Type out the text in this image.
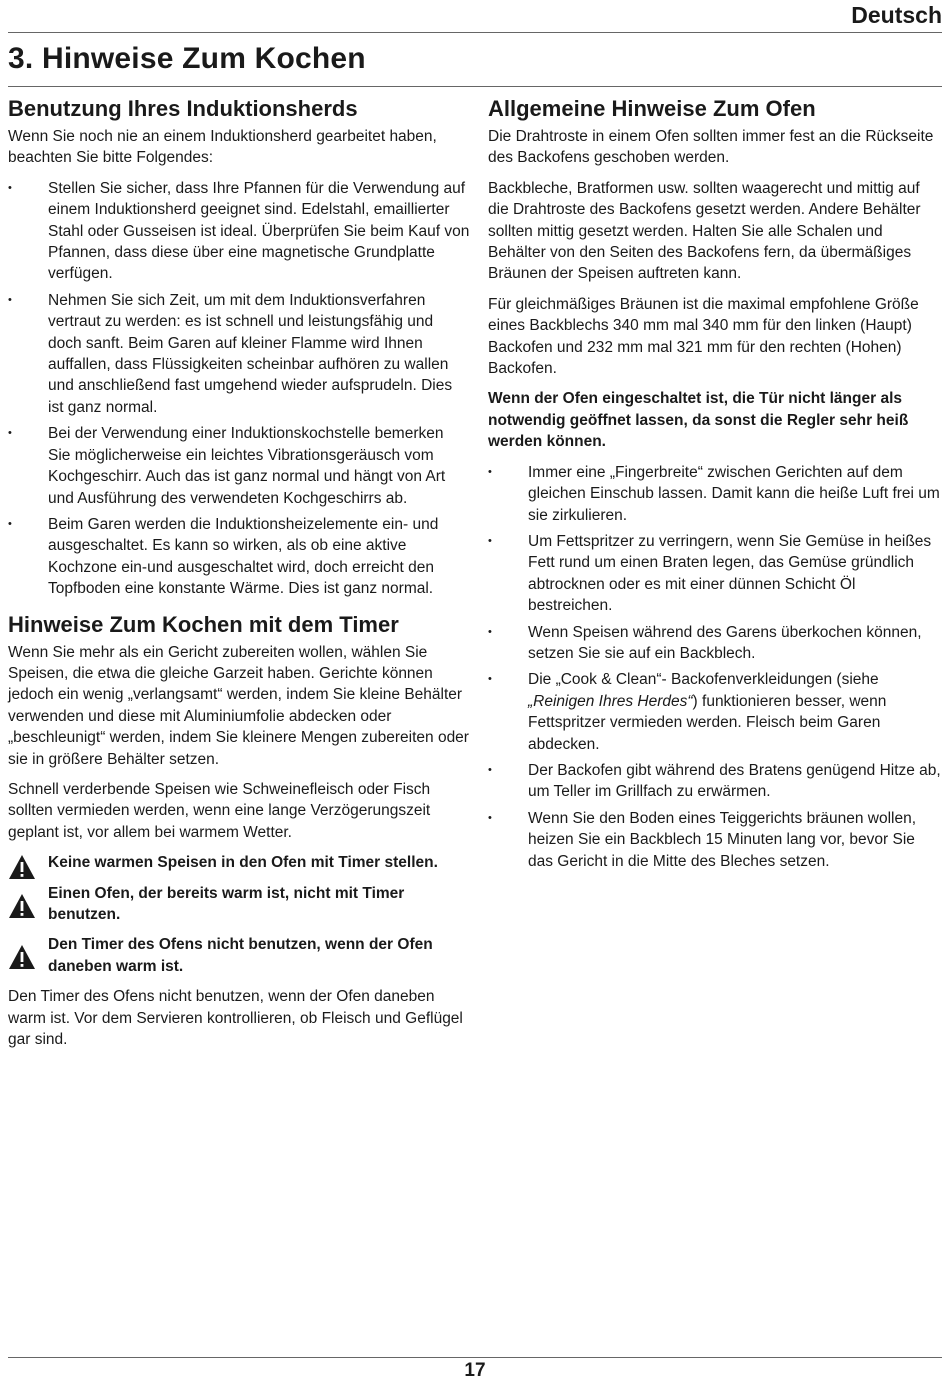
Deutsch
3. Hinweise Zum Kochen
Benutzung Ihres Induktionsherds

Wenn Sie noch nie an einem Induktionsherd gearbeitet haben, beachten Sie bitte Folgendes:

• Stellen Sie sicher, dass Ihre Pfannen für die Verwendung auf einem Induktionsherd geeignet sind. Edelstahl, emaillierter Stahl oder Gusseisen ist ideal. Überprüfen Sie beim Kauf von Pfannen, dass diese über eine magnetische Grundplatte verfügen.
• Nehmen Sie sich Zeit, um mit dem Induktionsverfahren vertraut zu werden: es ist schnell und leistungsfähig und doch sanft. Beim Garen auf kleiner Flamme wird Ihnen auffallen, dass Flüssigkeiten scheinbar aufhören zu wallen und anschließend fast umgehend wieder aufsprudeln. Dies ist ganz normal.
• Bei der Verwendung einer Induktionskochstelle bemerken Sie möglicherweise ein leichtes Vibrationsgeräusch vom Kochgeschirr. Auch das ist ganz normal und hängt von Art und Ausführung des verwendeten Kochgeschirrs ab.
• Beim Garen werden die Induktionsheizelemente ein- und ausgeschaltet. Es kann so wirken, als ob eine aktive Kochzone ein-und ausgeschaltet wird, doch erreicht den Topfboden eine konstante Wärme. Dies ist ganz normal.
Hinweise Zum Kochen mit dem Timer

Wenn Sie mehr als ein Gericht zubereiten wollen, wählen Sie Speisen, die etwa die gleiche Garzeit haben. Gerichte können jedoch ein wenig „verlangsamt“ werden, indem Sie kleine Behälter verwenden und diese mit Aluminiumfolie abdecken oder „beschleunigt“ werden, indem Sie kleinere Mengen zubereiten oder sie in größere Behälter setzen.

Schnell verderbende Speisen wie Schweinefleisch oder Fisch sollten vermieden werden, wenn eine lange Verzögerungszeit geplant ist, vor allem bei warmem Wetter.

Keine warmen Speisen in den Ofen mit Timer stellen.
Einen Ofen, der bereits warm ist, nicht mit Timer benutzen.
Den Timer des Ofens nicht benutzen, wenn der Ofen daneben warm ist.

Den Timer des Ofens nicht benutzen, wenn der Ofen daneben warm ist. Vor dem Servieren kontrollieren, ob Fleisch und Geflügel gar sind.

Allgemeine Hinweise Zum Ofen

Die Drahtroste in einem Ofen sollten immer fest an die Rückseite des Backofens geschoben werden.

Backbleche, Bratformen usw. sollten waagerecht und mittig auf die Drahtroste des Backofens gesetzt werden. Andere Behälter sollten mittig gesetzt werden. Halten Sie alle Schalen und Behälter von den Seiten des Backofens fern, da übermäßiges Bräunen der Speisen auftreten kann.

Für gleichmäßiges Bräunen ist die maximal empfohlene Größe eines Backblechs 340 mm mal 340 mm für den linken (Haupt) Backofen und 232 mm mal 321 mm für den rechten (Hohen) Backofen.

Wenn der Ofen eingeschaltet ist, die Tür nicht länger als notwendig geöffnet lassen, da sonst die Regler sehr heiß werden können.

• Immer eine „Fingerbreite“ zwischen Gerichten auf dem gleichen Einschub lassen. Damit kann die heiße Luft frei um sie zirkulieren.
• Um Fettspritzer zu verringern, wenn Sie Gemüse in heißes Fett rund um einen Braten legen, das Gemüse gründlich abtrocknen oder es mit einer dünnen Schicht Öl bestreichen.
• Wenn Speisen während des Garens überkochen können, setzen Sie sie auf ein Backblech.
• Die „Cook & Clean“- Backofenverkleidungen (siehe „Reinigen Ihres Herdes“) funktionieren besser, wenn Fettspritzer vermieden werden. Fleisch beim Garen abdecken.
• Der Backofen gibt während des Bratens genügend Hitze ab, um Teller im Grillfach zu erwärmen.
• Wenn Sie den Boden eines Teiggerichts bräunen wollen, heizen Sie ein Backblech 15 Minuten lang vor, bevor Sie das Gericht in die Mitte des Bleches setzen.
17
